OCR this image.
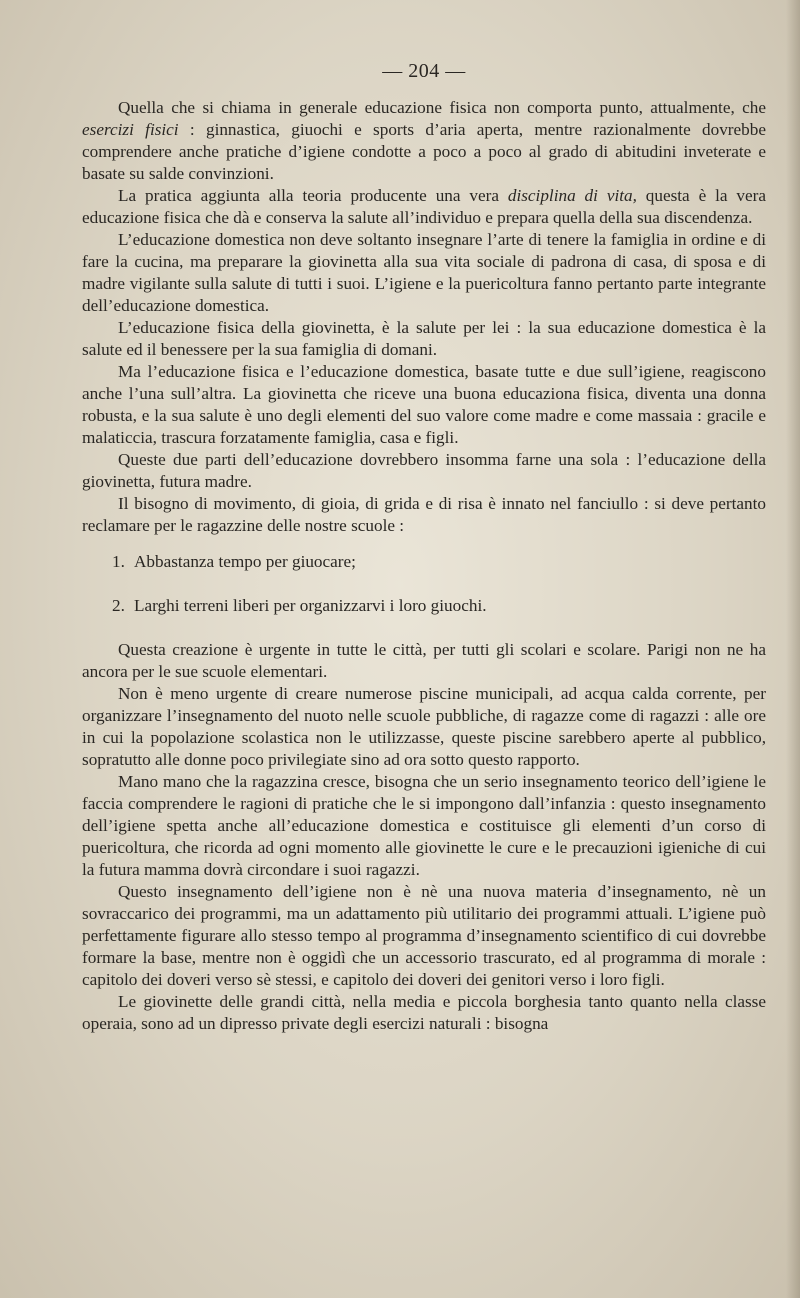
— 204 —

Quella che si chiama in generale educazione fisica non comporta punto, attualmente, che esercizi fisici : ginnastica, giuochi e sports d’aria aperta, mentre razionalmente dovrebbe comprendere anche pratiche d’igiene condotte a poco a poco al grado di abitudini inveterate e basate su salde convinzioni.

La pratica aggiunta alla teoria producente una vera disciplina di vita, questa è la vera educazione fisica che dà e conserva la salute all’individuo e prepara quella della sua discendenza.

L’educazione domestica non deve soltanto insegnare l’arte di tenere la famiglia in ordine e di fare la cucina, ma preparare la giovinetta alla sua vita sociale di padrona di casa, di sposa e di madre vigilante sulla salute di tutti i suoi. L’igiene e la puericoltura fanno pertanto parte integrante dell’educazione domestica.

L’educazione fisica della giovinetta, è la salute per lei : la sua educazione domestica è la salute ed il benessere per la sua famiglia di domani.

Ma l’educazione fisica e l’educazione domestica, basate tutte e due sull’igiene, reagiscono anche l’una sull’altra. La giovinetta che riceve una buona educaziona fisica, diventa una donna robusta, e la sua salute è uno degli elementi del suo valore come madre e come massaia : gracile e malaticcia, trascura forzatamente famiglia, casa e figli.

Queste due parti dell’educazione dovrebbero insomma farne una sola : l’educazione della giovinetta, futura madre.

Il bisogno di movimento, di gioia, di grida e di risa è innato nel fanciullo : si deve pertanto reclamare per le ragazzine delle nostre scuole :

1. Abbastanza tempo per giuocare;
2. Larghi terreni liberi per organizzarvi i loro giuochi.

Questa creazione è urgente in tutte le città, per tutti gli scolari e scolare. Parigi non ne ha ancora per le sue scuole elementari.

Non è meno urgente di creare numerose piscine municipali, ad acqua calda corrente, per organizzare l’insegnamento del nuoto nelle scuole pubbliche, di ragazze come di ragazzi : alle ore in cui la popolazione scolastica non le utilizzasse, queste piscine sarebbero aperte al pubblico, sopratutto alle donne poco privilegiate sino ad ora sotto questo rapporto.

Mano mano che la ragazzina cresce, bisogna che un serio insegnamento teorico dell’igiene le faccia comprendere le ragioni di pratiche che le si impongono dall’infanzia : questo insegnamento dell’igiene spetta anche all’educazione domestica e costituisce gli elementi d’un corso di puericoltura, che ricorda ad ogni momento alle giovinette le cure e le precauzioni igieniche di cui la futura mamma dovrà circondare i suoi ragazzi.

Questo insegnamento dell’igiene non è nè una nuova materia d’insegnamento, nè un sovraccarico dei programmi, ma un adattamento più utilitario dei programmi attuali. L’igiene può perfettamente figurare allo stesso tempo al programma d’insegnamento scientifico di cui dovrebbe formare la base, mentre non è oggidì che un accessorio trascurato, ed al programma di morale : capitolo dei doveri verso sè stessi, e capitolo dei doveri dei genitori verso i loro figli.

Le giovinette delle grandi città, nella media e piccola borghesia tanto quanto nella classe operaia, sono ad un dipresso private degli esercizi naturali : bisogna
